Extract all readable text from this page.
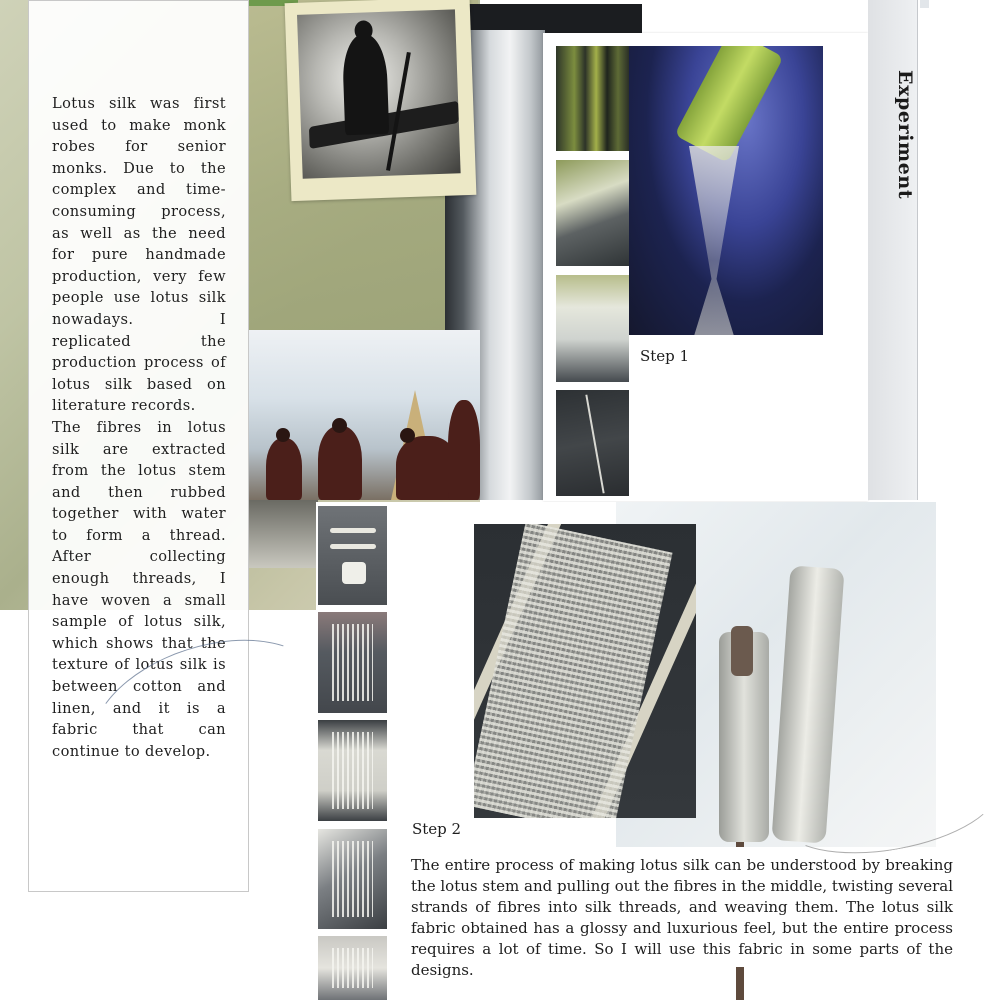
Lotus silk was first used to make monk robes for senior monks. Due to the complex and time-consuming process, as well as the need for pure handmade production, very few people use lotus silk nowadays. I replicated the production process of lotus silk based on literature records.

The fibres in lotus silk are extracted from the lotus stem and then rubbed together with water to form a thread. After collecting enough threads, I have woven a small sample of lotus silk, which shows that the texture of lotus silk is between cotton and linen, and it is a fabric that can continue to develop.

Step 1
Experiment
Step 2

The entire process of making lotus silk can be understood by breaking the lotus stem and pulling out the fibres in the middle, twisting several strands of fibres into silk threads, and weaving them. The lotus silk fabric obtained has a glossy and luxurious feel, but the entire process requires a lot of time. So I will use this fabric in some parts of the designs.
